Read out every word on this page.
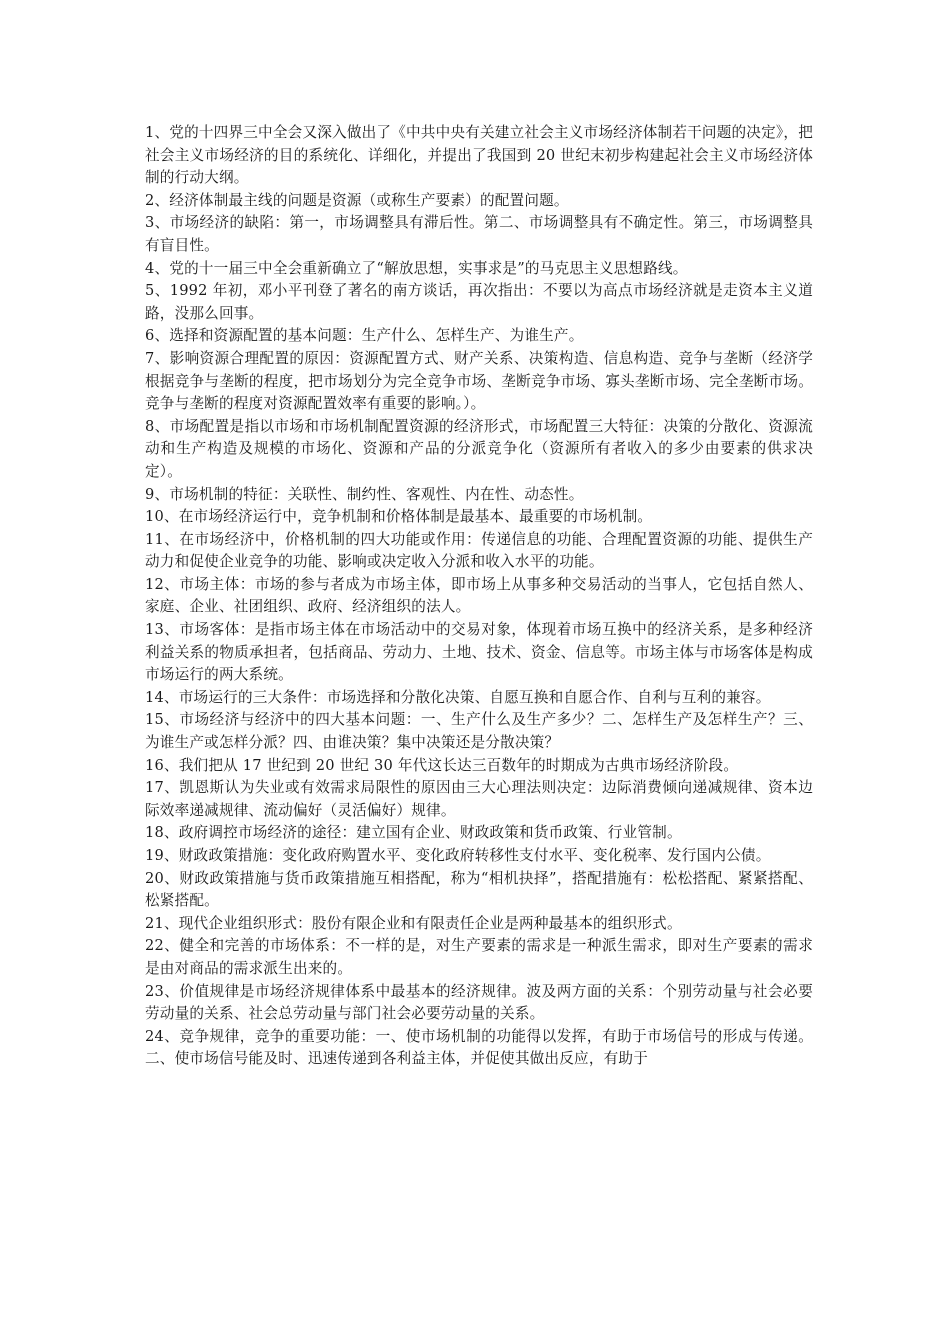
1、党的十四界三中全会又深入做出了《中共中央有关建立社会主义市场经济体制若干问题的决定》，把社会主义市场经济的目的系统化、详细化，并提出了我国到 20 世纪末初步构建起社会主义市场经济体制的行动大纲。

2、经济体制最主线的问题是资源（或称生产要素）的配置问题。

3、市场经济的缺陷：第一，市场调整具有滞后性。第二、市场调整具有不确定性。第三，市场调整具有盲目性。

4、党的十一届三中全会重新确立了“解放思想，实事求是”的马克思主义思想路线。

5、1992 年初，邓小平刊登了著名的南方谈话，再次指出：不要以为高点市场经济就是走资本主义道路，没那么回事。

6、选择和资源配置的基本问题：生产什么、怎样生产、为谁生产。

7、影响资源合理配置的原因：资源配置方式、财产关系、决策构造、信息构造、竞争与垄断（经济学根据竞争与垄断的程度，把市场划分为完全竞争市场、垄断竞争市场、寡头垄断市场、完全垄断市场。竞争与垄断的程度对资源配置效率有重要的影响。）。

8、市场配置是指以市场和市场机制配置资源的经济形式，市场配置三大特征：决策的分散化、资源流动和生产构造及规模的市场化、资源和产品的分派竞争化（资源所有者收入的多少由要素的供求决定）。

9、市场机制的特征：关联性、制约性、客观性、内在性、动态性。

10、在市场经济运行中，竞争机制和价格体制是最基本、最重要的市场机制。

11、在市场经济中，价格机制的四大功能或作用：传递信息的功能、合理配置资源的功能、提供生产动力和促使企业竞争的功能、影响或决定收入分派和收入水平的功能。

12、市场主体：市场的参与者成为市场主体，即市场上从事多种交易活动的当事人，它包括自然人、家庭、企业、社团组织、政府、经济组织的法人。

13、市场客体：是指市场主体在市场活动中的交易对象，体现着市场互换中的经济关系，是多种经济利益关系的物质承担者，包括商品、劳动力、土地、技术、资金、信息等。市场主体与市场客体是构成市场运行的两大系统。

14、市场运行的三大条件：市场选择和分散化决策、自愿互换和自愿合作、自利与互利的兼容。

15、市场经济与经济中的四大基本问题：一、生产什么及生产多少？二、怎样生产及怎样生产？三、为谁生产或怎样分派？四、由谁决策？集中决策还是分散决策？

16、我们把从 17 世纪到 20 世纪 30 年代这长达三百数年的时期成为古典市场经济阶段。

17、凯恩斯认为失业或有效需求局限性的原因由三大心理法则决定：边际消费倾向递减规律、资本边际效率递减规律、流动偏好（灵活偏好）规律。

18、政府调控市场经济的途径：建立国有企业、财政政策和货币政策、行业管制。

19、财政政策措施：变化政府购置水平、变化政府转移性支付水平、变化税率、发行国内公债。

20、财政政策措施与货币政策措施互相搭配，称为“相机抉择”，搭配措施有：松松搭配、紧紧搭配、松紧搭配。

21、现代企业组织形式：股份有限企业和有限责任企业是两种最基本的组织形式。

22、健全和完善的市场体系：不一样的是，对生产要素的需求是一种派生需求，即对生产要素的需求是由对商品的需求派生出来的。

23、价值规律是市场经济规律体系中最基本的经济规律。波及两方面的关系：个别劳动量与社会必要劳动量的关系、社会总劳动量与部门社会必要劳动量的关系。

24、竞争规律，竞争的重要功能：一、使市场机制的功能得以发挥，有助于市场信号的形成与传递。二、使市场信号能及时、迅速传递到各利益主体，并促使其做出反应，有助于
